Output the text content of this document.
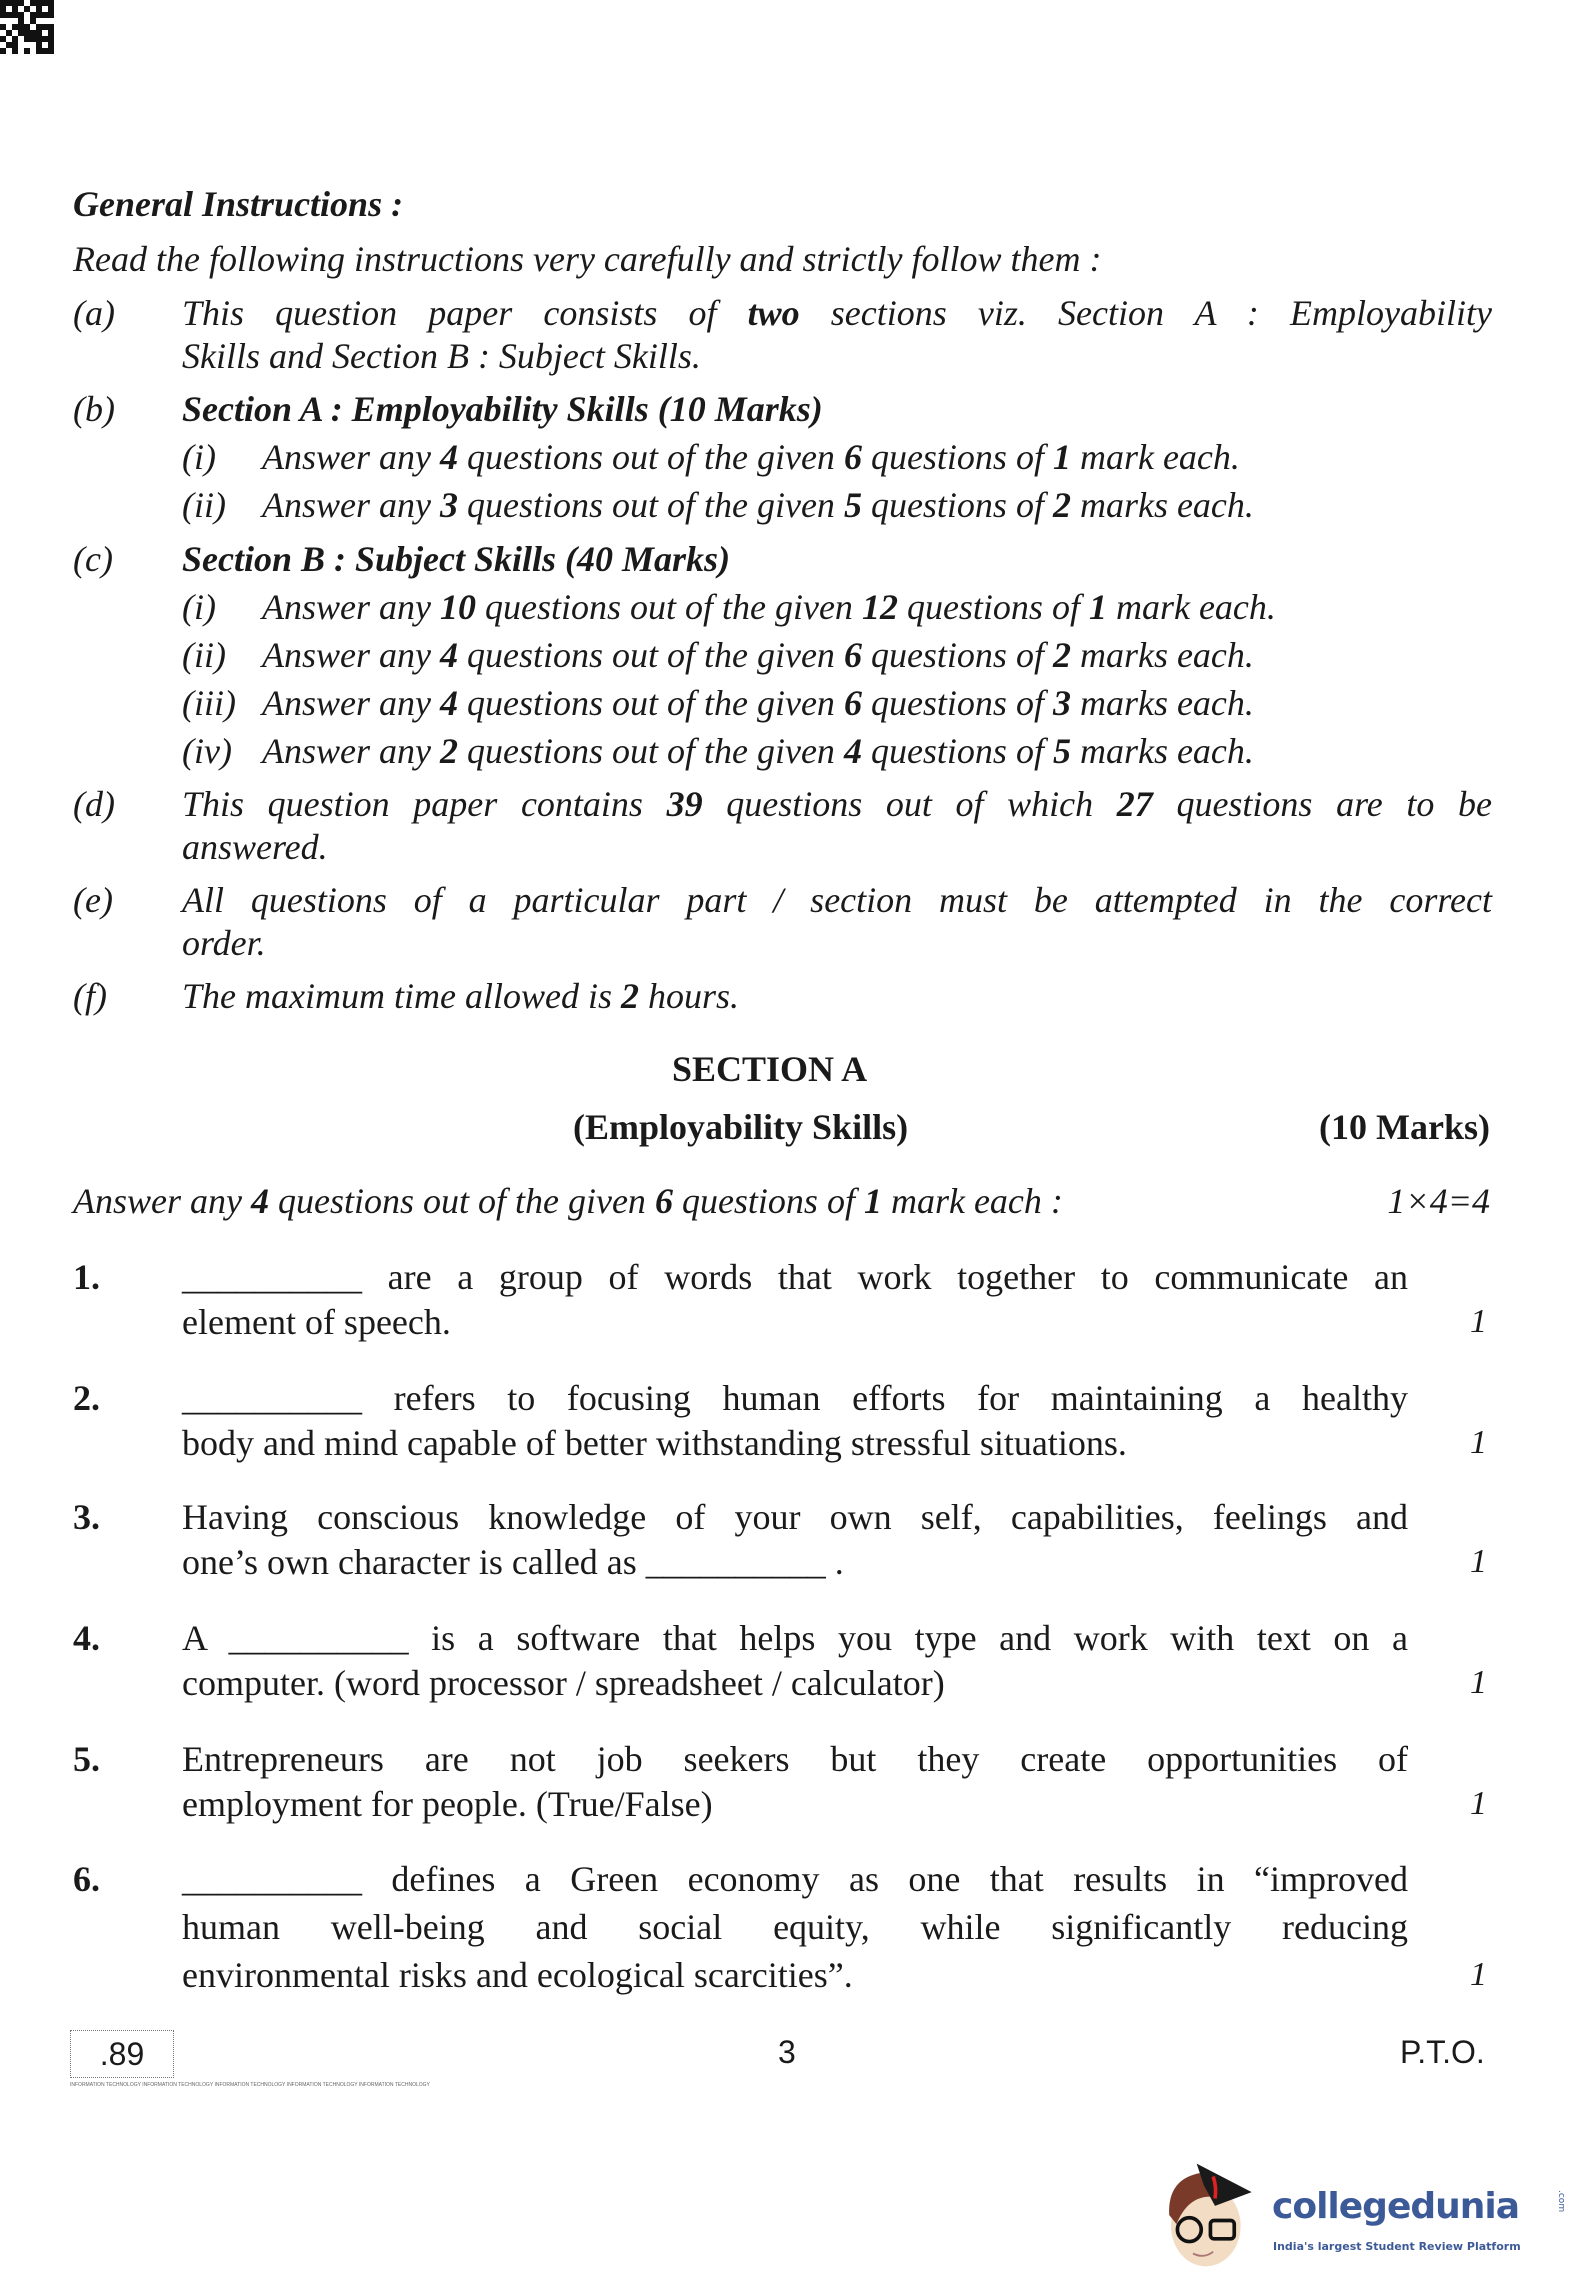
General Instructions :
Read the following instructions very carefully and strictly follow them :
(a) This question paper consists of two sections viz. Section A : Employability
Skills and Section B : Subject Skills.
(b) Section A : Employability Skills (10 Marks)
(i) Answer any 4 questions out of the given 6 questions of 1 mark each.
(ii) Answer any 3 questions out of the given 5 questions of 2 marks each.
(c) Section B : Subject Skills (40 Marks)
(i) Answer any 10 questions out of the given 12 questions of 1 mark each.
(ii) Answer any 4 questions out of the given 6 questions of 2 marks each.
(iii) Answer any 4 questions out of the given 6 questions of 3 marks each.
(iv) Answer any 2 questions out of the given 4 questions of 5 marks each.
(d) This question paper contains 39 questions out of which 27 questions are to be
answered.
(e) All questions of a particular part / section must be attempted in the correct
order.
(f) The maximum time allowed is 2 hours.
SECTION A
(Employability Skills)	(10 Marks)
Answer any 4 questions out of the given 6 questions of 1 mark each :	1×4=4
1. __________ are a group of words that work together to communicate an
element of speech.	1
2. __________ refers to focusing human efforts for maintaining a healthy
body and mind capable of better withstanding stressful situations.	1
3. Having conscious knowledge of your own self, capabilities, feelings and
one’s own character is called as __________ .	1
4. A __________ is a software that helps you type and work with text on a
computer. (word processor / spreadsheet / calculator)	1
5. Entrepreneurs are not job seekers but they create opportunities of
employment for people. (True/False)	1
6. __________ defines a Green economy as one that results in “improved
human well-being and social equity, while significantly reducing
environmental risks and ecological scarcities”.	1
.89
INFORMATION TECHNOLOGY INFORMATION TECHNOLOGY INFORMATION TECHNOLOGY INFORMATION TECHNOLOGY INFORMATION TECHNOLOGY
3	P.T.O.
collegedunia	.com
India's largest Student Review Platform
